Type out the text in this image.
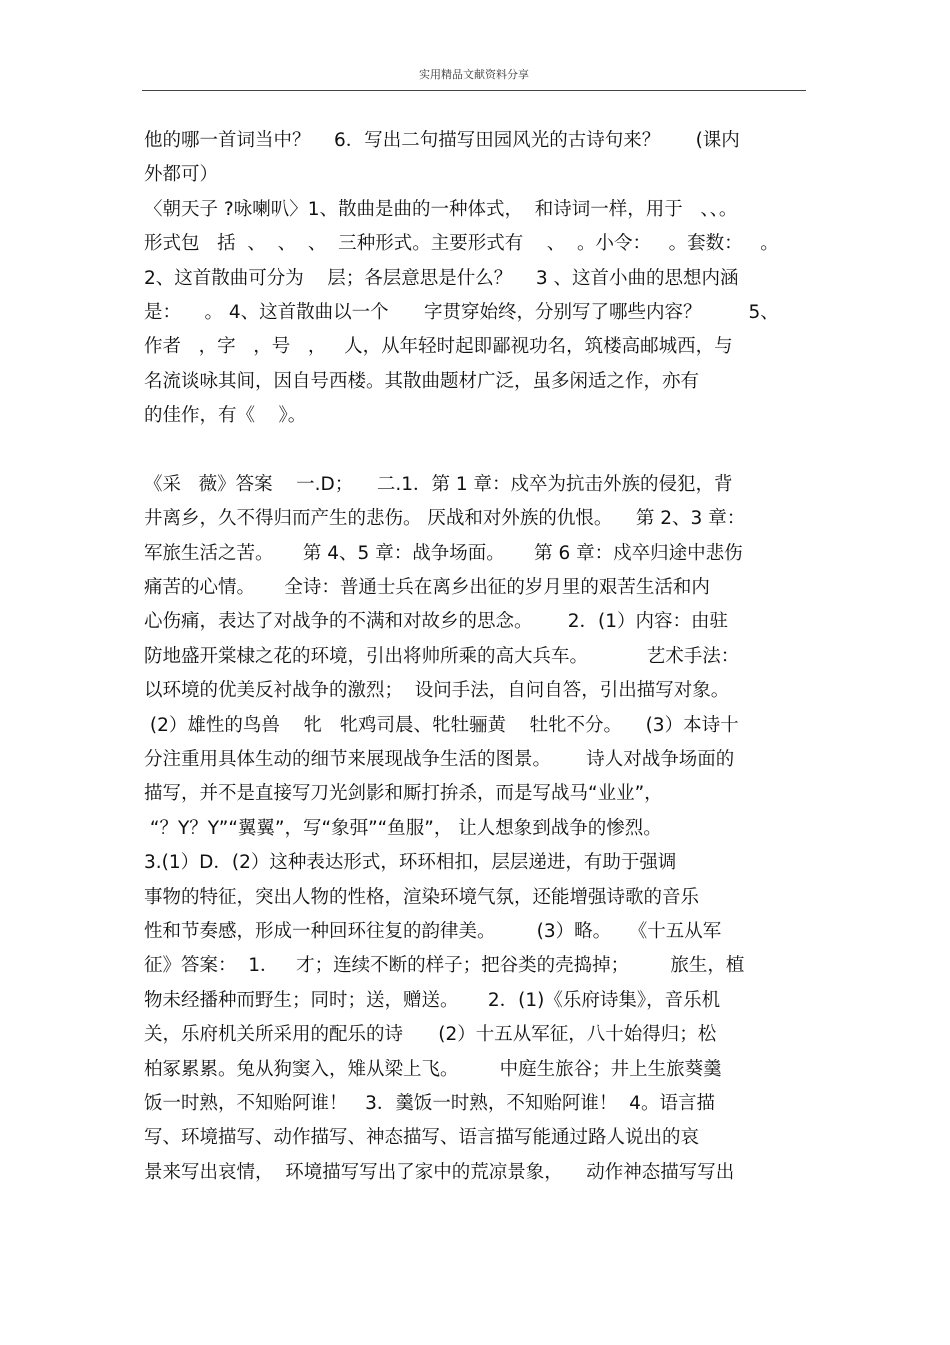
实用精品文献资料分享
他的哪一首词当中？    6．写出二句描写田园风光的古诗句来？      (课内
外都可）
〈朝天子 ?咏喇叭〉1、散曲是曲的一种体式，  和诗词一样，用于   、、。
形式包   括  、  、  、  三种形式。主要形式有    、  。小令：   。套数：   。
2、这首散曲可分为    层；各层意思是什么？    3 、这首小曲的思想内涵
是：    。 4、这首散曲以一个      字贯穿始终，分别写了哪些内容？        5、
作者   ，字   ，号   ，   人，从年轻时起即鄙视功名，筑楼高邮城西，与
名流谈咏其间，因自号西楼。其散曲题材广泛，虽多闲适之作，亦有
的佳作，有《    》。
《采   薇》答案    一.D；    二.1．第 1 章：戍卒为抗击外族的侵犯，背
井离乡，久不得归而产生的悲伤。 厌战和对外族的仇恨。    第 2、3 章：
军旅生活之苦。     第 4、5 章：战争场面。     第 6 章：戍卒归途中悲伤
痛苦的心情。     全诗：普通士兵在离乡出征的岁月里的艰苦生活和内
心伤痛，表达了对战争的不满和对故乡的思念。      2．(1）内容：由驻
防地盛开棠棣之花的环境，引出将帅所乘的高大兵车。          艺术手法：
以环境的优美反衬战争的激烈；  设问手法，自问自答，引出描写对象。
(2）雄性的鸟兽    牝   牝鸡司晨、牝牡骊黄    牡牝不分。    (3）本诗十
分注重用具体生动的细节来展现战争生活的图景。      诗人对战争场面的
描写，并不是直接写刀光剑影和厮打拚杀，而是写战马“业业”，
“？Y？Y”“翼翼”，写“象弭”“鱼服”， 让人想象到战争的惨烈。
3.(1）D．(2）这种表达形式，环环相扣，层层递进，有助于强调
事物的特征，突出人物的性格，渲染环境气氛，还能增强诗歌的音乐
性和节奏感，形成一种回环往复的韵律美。       (3）略。   《十五从军
征》答案：  1．   才；连续不断的样子；把谷类的壳捣掉；       旅生，植
物未经播种而野生；同时；送，赠送。     2．(1)《乐府诗集》，音乐机
关，乐府机关所采用的配乐的诗      (2）十五从军征，八十始得归；松
柏冢累累。兔从狗窦入，雉从梁上飞。       中庭生旅谷；井上生旅葵羹
饭一时熟，不知贻阿谁！   3．羹饭一时熟，不知贻阿谁！  4。语言描
写、环境描写、动作描写、神态描写、语言描写能通过路人说出的哀
景来写出哀情，  环境描写写出了家中的荒凉景象，    动作神态描写写出
